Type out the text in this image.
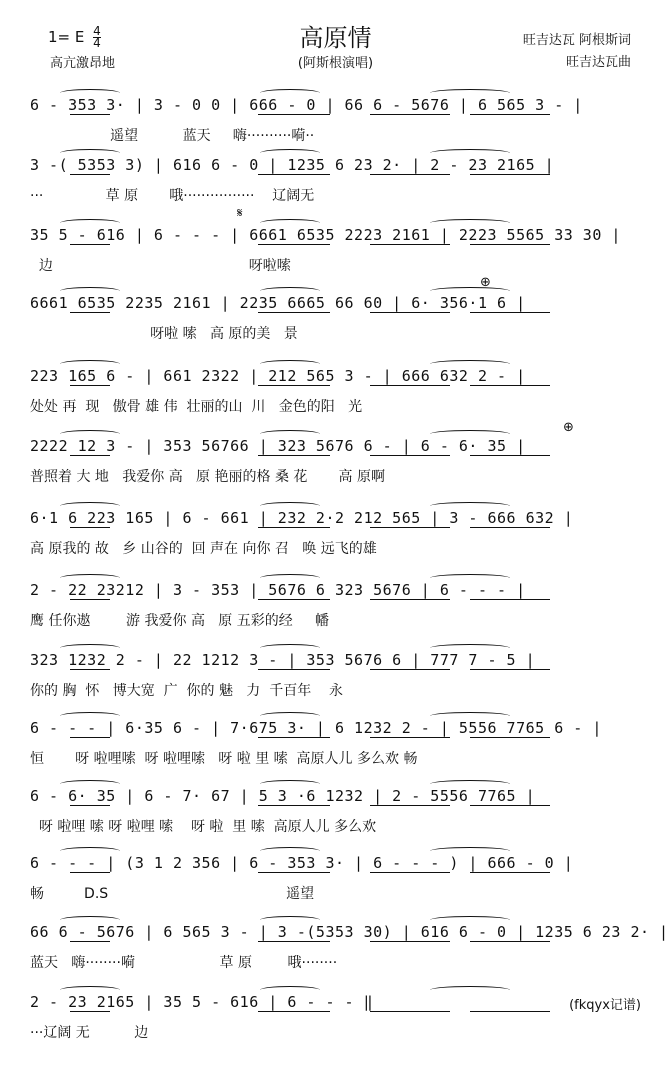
1= E $\frac{4}{4}$
高亢激昂地
高原情
(阿斯根演唱)
旺吉达瓦 阿根斯词
旺吉达瓦曲
𝄋
⊕
⊕
6 - 353 3· | 3 - 0 0 | 666 - 0 | 66 6 - 5676 | 6 565 3 - |
遥望          蓝天     嗨··········嗬··
3 -( 5353 3) | 616 6 - 0 | 1235 6 23 2· | 2 - 23 2165 |
···              草 原       哦················    辽阔无
35 5 - 616 | 6 - - - | 6661 6535 2223 2161 | 2223 5565 33 30 |
边                                            呀啦嗦
6661 6535 2235 2161 | 2235 6665 66 60 | 6· 356·1 6 |
呀啦 嗦   高 原的美   景
223 165 6 - | 661 2322 | 212 565 3 - | 666 632 2 - |
处处 再  现   傲骨 雄 伟  壮丽的山  川   金色的阳   光
2222 12 3 - | 353 56766 | 323 5676 6 - | 6 - 6· 35 |
普照着 大 地   我爱你 高   原 艳丽的格 桑 花       高 原啊
6·1 6 223 165 | 6 - 661 | 232 2·2 212 565 | 3 - 666 632 |
高 原我的 故   乡 山谷的  回 声在 向你 召   唤 远飞的雄
2 - 22 23212 | 3 - 353 | 5676 6 323 5676 | 6 - - - |
鹰 任你遨        游 我爱你 高   原 五彩的经     幡
323 1232 2 - | 22 1212 3 - | 353 5676 6 | 777 7 - 5 |
你的 胸  怀   博大宽  广  你的 魅   力  千百年    永
6 - - - | 6·35 6 - | 7·675 3· | 6 1232 2 - | 5556 7765 6 - |
恒       呀 啦哩嗦  呀 啦哩嗦   呀 啦 里 嗦  高原人儿 多么欢 畅
6 - 6· 35 | 6 - 7· 67 | 5 3 ·6 1232 | 2 - 5556 7765 |
呀 啦哩 嗦 呀 啦哩 嗦    呀 啦  里 嗦  高原人儿 多么欢
6 - - - | (3 1 2 356 | 6 - 353 3· | 6 - - - ) | 666 - 0 |
畅         D.S                                        遥望
66 6 - 5676 | 6 565 3 - | 3 -(5353 30) | 616 6 - 0 | 1235 6 23 2· |
蓝天   嗨········嗬                   草 原        哦········
2 - 23 2165 | 35 5 - 616 | 6 - - - ‖
···辽阔 无          边
(fkqyx记谱)
